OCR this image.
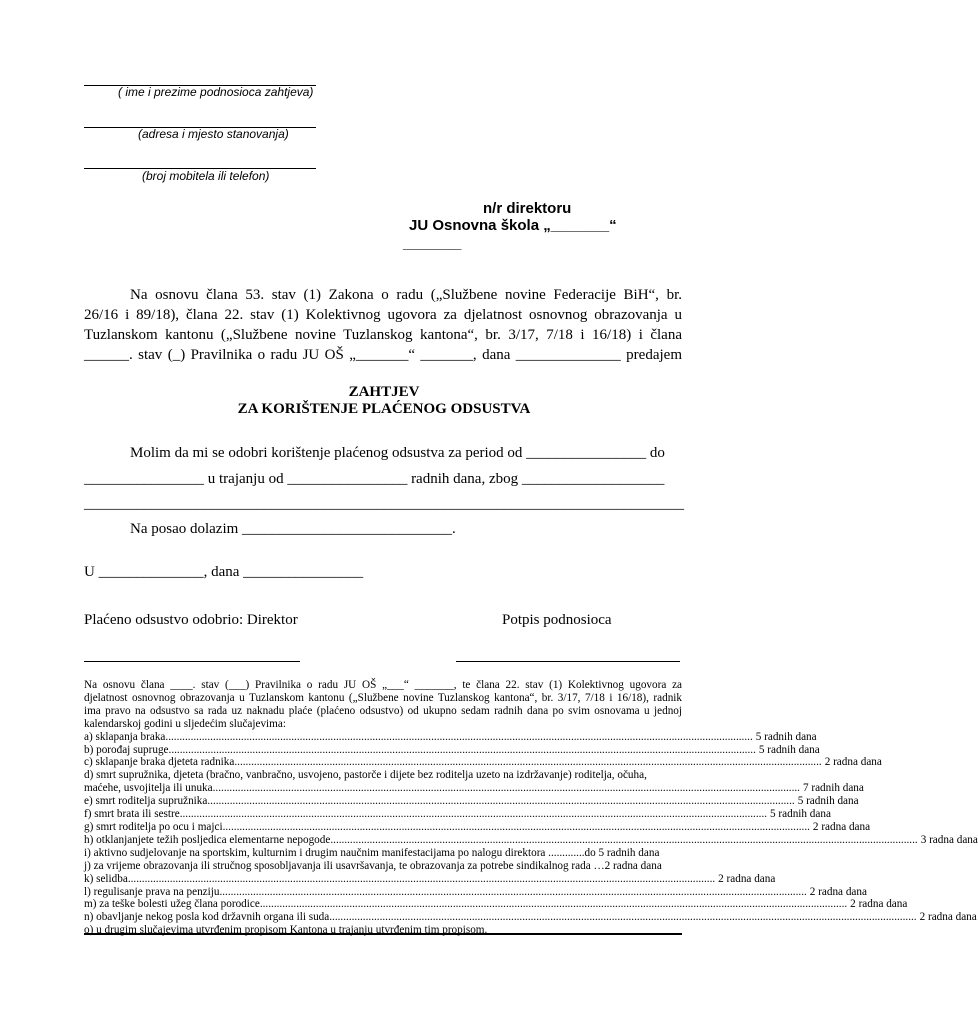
( ime i prezime podnosioca zahtjeva)
(adresa i mjesto stanovanja)
(broj mobitela ili telefon)
n/r direktoru
JU Osnovna škola „_______“
_______
Na osnovu člana 53. stav (1) Zakona o radu („Službene novine Federacije BiH“, br.
26/16 i 89/18), člana 22. stav (1) Kolektivnog ugovora za djelatnost osnovnog obrazovanja u
Tuzlanskom kantonu („Službene novine Tuzlanskog kantona“, br. 3/17, 7/18 i 16/18) i člana
______. stav (_) Pravilnika o radu JU OŠ „_______“ _______, dana ______________ predajem
ZAHTJEV
ZA KORIŠTENJE PLAĆENOG ODSUSTVA
Molim da mi se odobri korištenje plaćenog odsustva za period od ________________ do
________________ u trajanju od ________________ radnih dana, zbog ___________________
________________________________________________________________________________
Na posao dolazim ____________________________.
U ______________, dana ________________
Plaćeno odsustvo odobrio: Direktor	Potpis podnosioca
Na osnovu člana ____. stav (___) Pravilnika o radu JU OŠ „___“ _______, te člana 22. stav (1) Kolektivnog ugovora za
djelatnost osnovnog obrazovanja u Tuzlanskom kantonu („Službene novine Tuzlanskog kantona“, br. 3/17, 7/18 i 16/18), radnik
ima pravo na odsustvo sa rada uz naknadu plaće (plaćeno odsustvo) od ukupno sedam radnih dana po svim osnovama u jednoj
kalendarskoj godini u sljedećim slučajevima:
a) sklapanja braka .................................................................................................................................................................................................................. 5 radnih dana
b) porođaj supruge .................................................................................................................................................................................................................. 5 radnih dana
c) sklapanje braka djeteta radnika .................................................................................................................................................................................................................. 2 radna dana
d) smrt supružnika, djeteta (bračno, vanbračno, usvojeno, pastorče i dijete bez roditelja uzeto na izdržavanje) roditelja, očuha,
maćehe, usvojitelja ili unuka .................................................................................................................................................................................................................. 7 radnih dana
e) smrt roditelja supružnika .................................................................................................................................................................................................................. 5 radnih dana
f) smrt brata ili sestre .................................................................................................................................................................................................................. 5 radnih dana
g) smrt roditelja po ocu i majci .................................................................................................................................................................................................................. 2 radna dana
h) otklanjanjete težih posljedica elementarne nepogode .................................................................................................................................................................................................................. 3 radna dana
i) aktivno sudjelovanje na sportskim, kulturnim i drugim naučnim manifestacijama po nalogu direktora .............do 5 radnih dana
j) za vrijeme obrazovanja ili stručnog sposobljavanja ili usavršavanja, te obrazovanja za potrebe sindikalnog rada …2 radna dana
k) selidba .................................................................................................................................................................................................................. 2 radna dana
l) regulisanje prava na penziju .................................................................................................................................................................................................................. 2 radna dana
m) za teške bolesti užeg člana porodice .................................................................................................................................................................................................................. 2 radna dana
n) obavljanje nekog posla kod državnih organa ili suda .................................................................................................................................................................................................................. 2 radna dana
o) u drugim slučajevima utvrđenim propisom Kantona u trajanju utvrđenim tim propisom.
